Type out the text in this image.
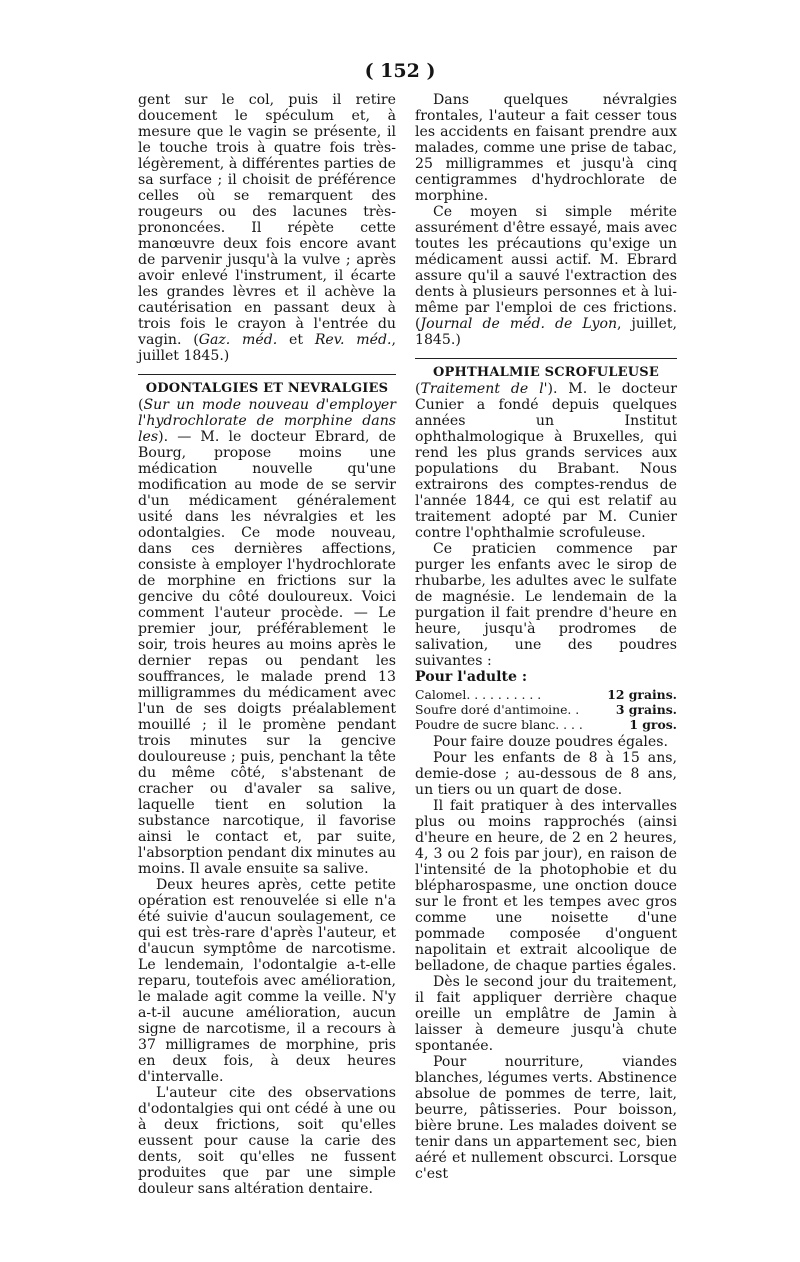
( 152 )

gent sur le col, puis il retire doucement le spéculum et, à mesure que le vagin se présente, il le touche trois à quatre fois très-légèrement, à différentes parties de sa surface ; il choisit de préférence celles où se remarquent des rougeurs ou des lacunes très-prononcées. Il répète cette manœuvre deux fois encore avant de parvenir jusqu'à la vulve ; après avoir enlevé l'instrument, il écarte les grandes lèvres et il achève la cautérisation en passant deux à trois fois le crayon à l'entrée du vagin. (Gaz. méd. et Rev. méd., juillet 1845.)

ODONTALGIES ET NEVRALGIES

(Sur un mode nouveau d'employer l'hydrochlorate de morphine dans les). — M. le docteur Ebrard, de Bourg, propose moins une médication nouvelle qu'une modification au mode de se servir d'un médicament généralement usité dans les névralgies et les odontalgies. Ce mode nouveau, dans ces dernières affections, consiste à employer l'hydrochlorate de morphine en frictions sur la gencive du côté douloureux. Voici comment l'auteur procède. — Le premier jour, préférablement le soir, trois heures au moins après le dernier repas ou pendant les souffrances, le malade prend 13 milligrammes du médicament avec l'un de ses doigts préalablement mouillé ; il le promène pendant trois minutes sur la gencive douloureuse ; puis, penchant la tête du même côté, s'abstenant de cracher ou d'avaler sa salive, laquelle tient en solution la substance narcotique, il favorise ainsi le contact et, par suite, l'absorption pendant dix minutes au moins. Il avale ensuite sa salive.

Deux heures après, cette petite opération est renouvelée si elle n'a été suivie d'aucun soulagement, ce qui est très-rare d'après l'auteur, et d'aucun symptôme de narcotisme. Le lendemain, l'odontalgie a-t-elle reparu, toutefois avec amélioration, le malade agit comme la veille. N'y a-t-il aucune amélioration, aucun signe de narcotisme, il a recours à 37 milligrames de morphine, pris en deux fois, à deux heures d'intervalle.

L'auteur cite des observations d'odontalgies qui ont cédé à une ou à deux frictions, soit qu'elles eussent pour cause la carie des dents, soit qu'elles ne fussent produites que par une simple douleur sans altération dentaire.

Dans quelques névralgies frontales, l'auteur a fait cesser tous les accidents en faisant prendre aux malades, comme une prise de tabac, 25 milligrammes et jusqu'à cinq centigrammes d'hydrochlorate de morphine.

Ce moyen si simple mérite assurément d'être essayé, mais avec toutes les précautions qu'exige un médicament aussi actif. M. Ebrard assure qu'il a sauvé l'extraction des dents à plusieurs personnes et à lui-même par l'emploi de ces frictions. (Journal de méd. de Lyon, juillet, 1845.)

OPHTHALMIE SCROFULEUSE

(Traitement de l'). M. le docteur Cunier a fondé depuis quelques années un Institut ophthalmologique à Bruxelles, qui rend les plus grands services aux populations du Brabant. Nous extrairons des comptes-rendus de l'année 1844, ce qui est relatif au traitement adopté par M. Cunier contre l'ophthalmie scrofuleuse.

Ce praticien commence par purger les enfants avec le sirop de rhubarbe, les adultes avec le sulfate de magnésie. Le lendemain de la purgation il fait prendre d'heure en heure, jusqu'à prodromes de salivation, une des poudres suivantes :

Pour l'adulte :

Calomel. . . . . . . . . .	12 grains.
Soufre doré d'antimoine. .	3 grains.
Poudre de sucre blanc. . . .	1 gros.

Pour faire douze poudres égales.

Pour les enfants de 8 à 15 ans, demie-dose ; au-dessous de 8 ans, un tiers ou un quart de dose.

Il fait pratiquer à des intervalles plus ou moins rapprochés (ainsi d'heure en heure, de 2 en 2 heures, 4, 3 ou 2 fois par jour), en raison de l'intensité de la photophobie et du blépharospasme, une onction douce sur le front et les tempes avec gros comme une noisette d'une pommade composée d'onguent napolitain et extrait alcoolique de belladone, de chaque parties égales.

Dès le second jour du traitement, il fait appliquer derrière chaque oreille un emplâtre de Jamin à laisser à demeure jusqu'à chute spontanée.

Pour nourriture, viandes blanches, légumes verts. Abstinence absolue de pommes de terre, lait, beurre, pâtisseries. Pour boisson, bière brune. Les malades doivent se tenir dans un appartement sec, bien aéré et nullement obscurci. Lorsque c'est
